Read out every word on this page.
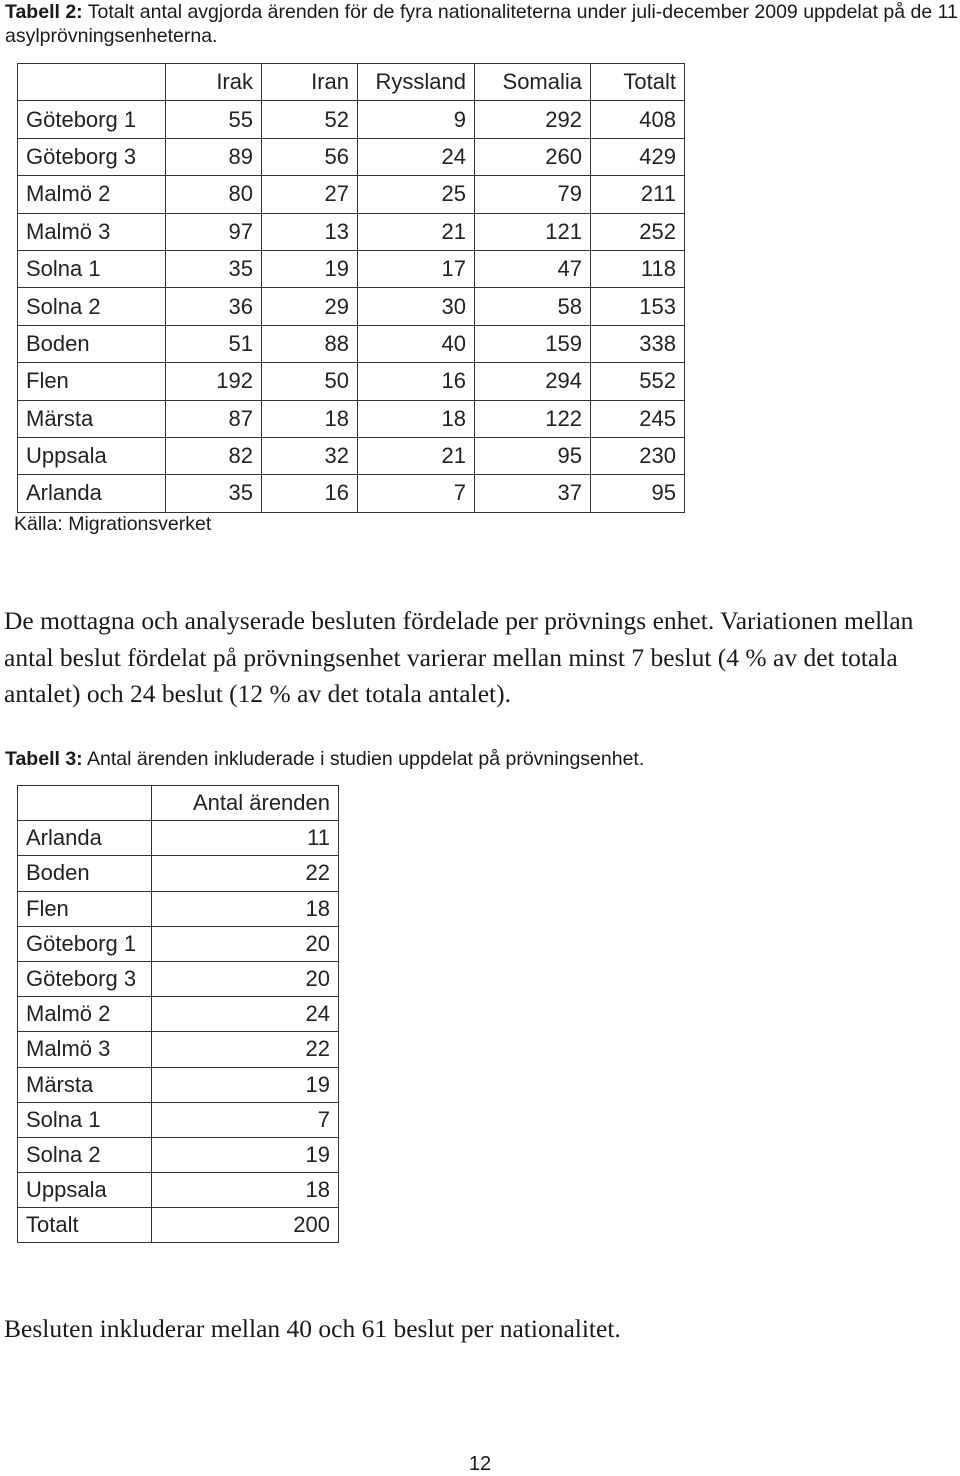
Tabell 2: Totalt antal avgjorda ärenden för de fyra nationaliteterna under juli-december 2009 uppdelat på de 11 asylprövningsenheterna.

	Irak	Iran	Ryssland	Somalia	Totalt
Göteborg 1	55	52	9	292	408
Göteborg 3	89	56	24	260	429
Malmö 2	80	27	25	79	211
Malmö 3	97	13	21	121	252
Solna 1	35	19	17	47	118
Solna 2	36	29	30	58	153
Boden	51	88	40	159	338
Flen	192	50	16	294	552
Märsta	87	18	18	122	245
Uppsala	82	32	21	95	230
Arlanda	35	16	7	37	95
Källa: Migrationsverket

De mottagna och analyserade besluten fördelade per prövnings enhet. Variationen mellan antal beslut fördelat på prövningsenhet varierar mellan minst 7 beslut (4 % av det totala antalet) och 24 beslut (12 % av det totala antalet).

Tabell 3: Antal ärenden inkluderade i studien uppdelat på prövningsenhet.

	Antal ärenden
Arlanda	11
Boden	22
Flen	18
Göteborg 1	20
Göteborg 3	20
Malmö 2	24
Malmö 3	22
Märsta	19
Solna 1	7
Solna 2	19
Uppsala	18
Totalt	200

Besluten inkluderar mellan 40 och 61 beslut per nationalitet.

12
